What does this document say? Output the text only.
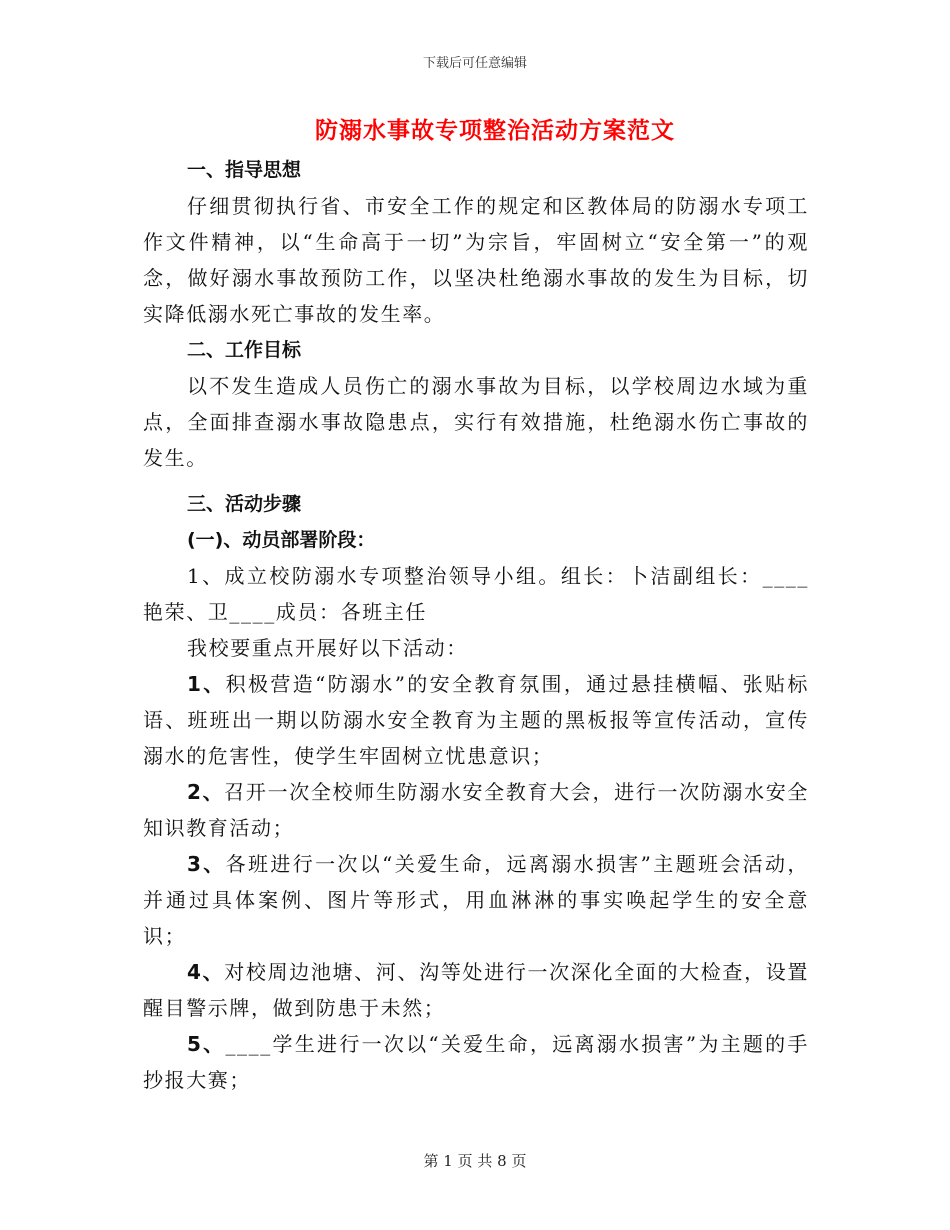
下载后可任意编辑
防溺水事故专项整治活动方案范文

一、指导思想

仔细贯彻执行省、市安全工作的规定和区教体局的防溺水专项工作文件精神，以“生命高于一切”为宗旨，牢固树立“安全第一”的观念，做好溺水事故预防工作，以坚决杜绝溺水事故的发生为目标，切实降低溺水死亡事故的发生率。

二、工作目标

以不发生造成人员伤亡的溺水事故为目标，以学校周边水域为重点，全面排查溺水事故隐患点，实行有效措施，杜绝溺水伤亡事故的发生。

三、活动步骤

(一)、动员部署阶段：

1、成立校防溺水专项整治领导小组。组长：卜洁副组长：____艳荣、卫____成员：各班主任

我校要重点开展好以下活动：

1、积极营造“防溺水”的安全教育氛围，通过悬挂横幅、张贴标语、班班出一期以防溺水安全教育为主题的黑板报等宣传活动，宣传溺水的危害性，使学生牢固树立忧患意识；

2、召开一次全校师生防溺水安全教育大会，进行一次防溺水安全知识教育活动；

3、各班进行一次以“关爱生命，远离溺水损害”主题班会活动，并通过具体案例、图片等形式，用血淋淋的事实唤起学生的安全意识；

4、对校周边池塘、河、沟等处进行一次深化全面的大检查，设置醒目警示牌，做到防患于未然；

5、____学生进行一次以“关爱生命，远离溺水损害”为主题的手抄报大赛；

第 1 页 共 8 页
